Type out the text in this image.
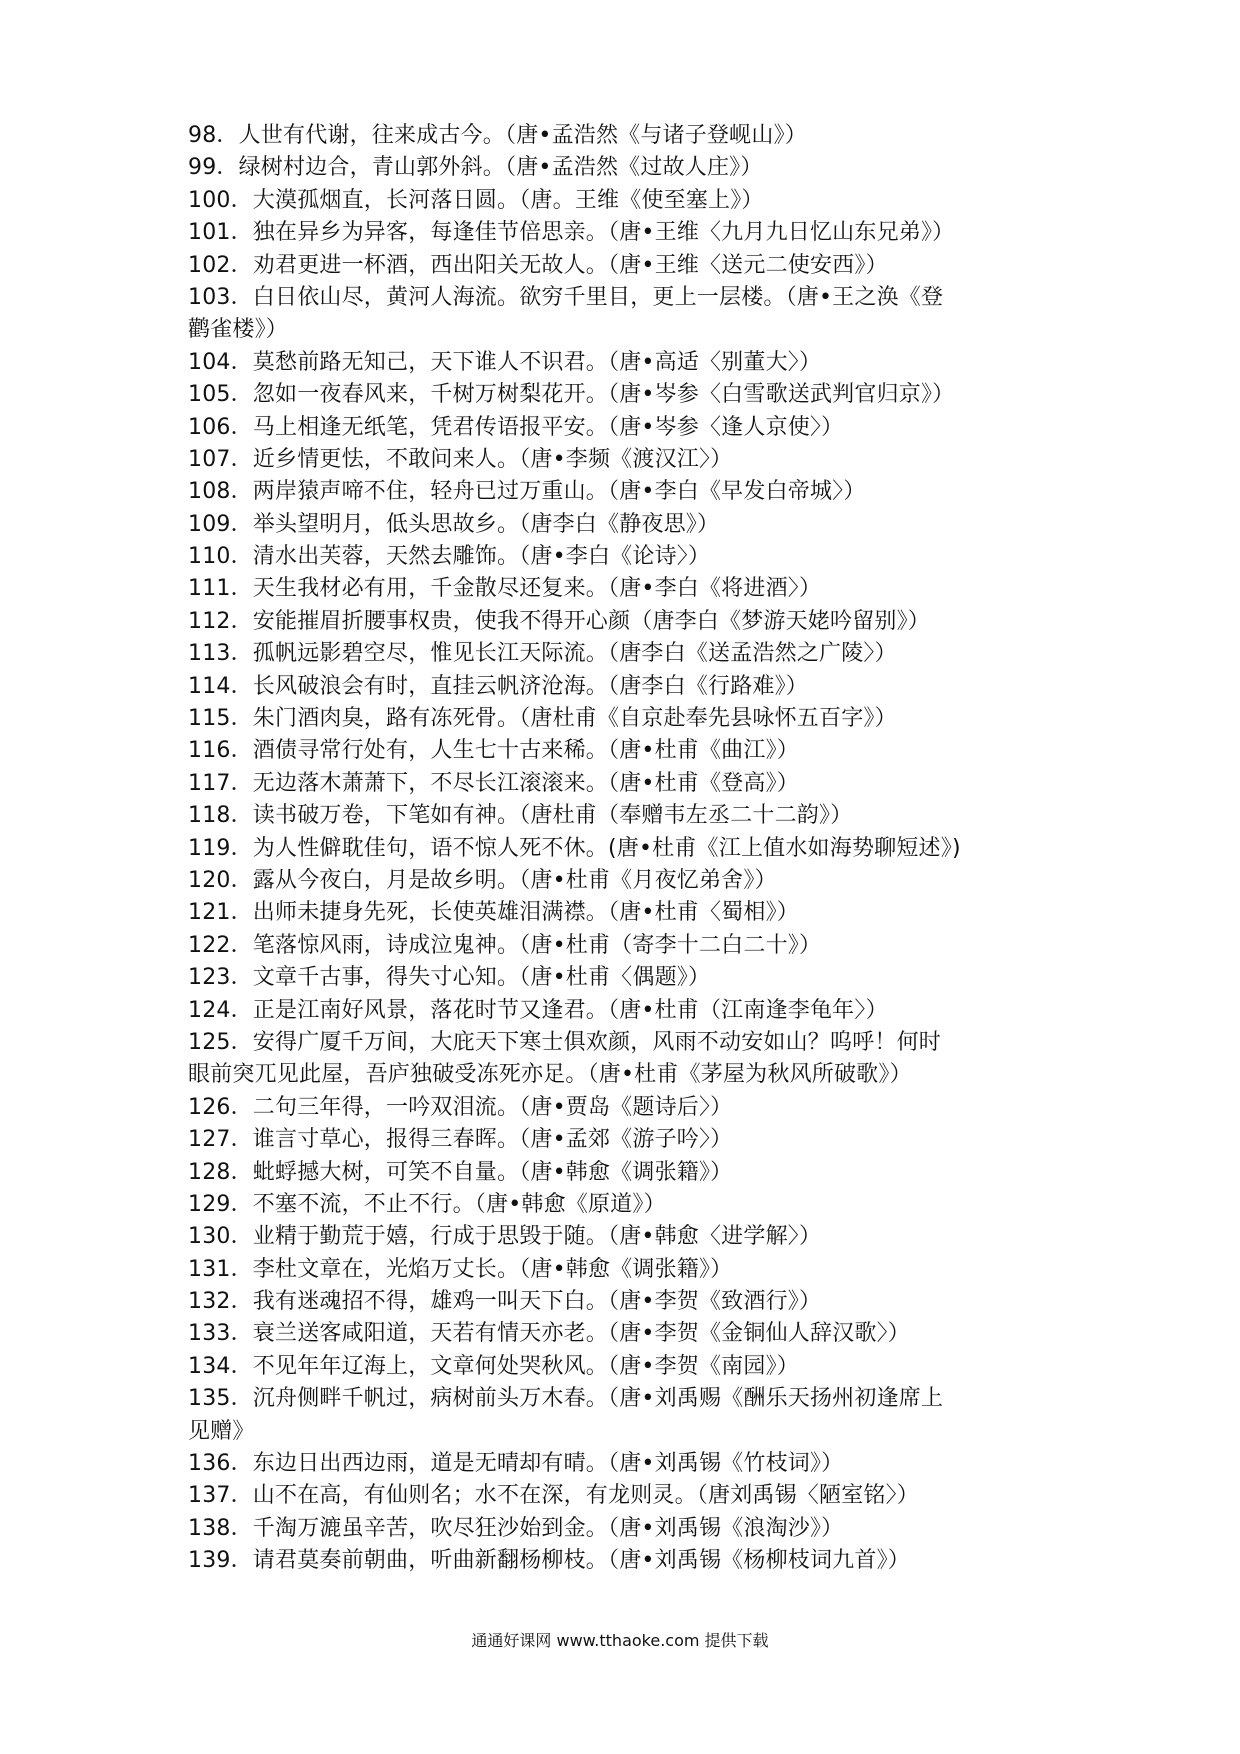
98．人世有代谢，往来成古今。（唐•孟浩然《与诸子登岘山》）
99．绿树村边合，青山郭外斜。（唐•孟浩然《过故人庄》）
100．大漠孤烟直，长河落日圆。（唐。王维《使至塞上》）
101．独在异乡为异客，每逢佳节倍思亲。（唐•王维〈九月九日忆山东兄弟》）
102．劝君更进一杯酒，西出阳关无故人。（唐•王维〈送元二使安西》）
103．白日依山尽，黄河人海流。欲穷千里目，更上一层楼。（唐•王之涣《登
鹳雀楼》）
104．莫愁前路无知己，天下谁人不识君。（唐•高适〈别董大〉）
105．忽如一夜春风来，千树万树梨花开。（唐•岑参〈白雪歌送武判官归京》）
106．马上相逢无纸笔，凭君传语报平安。（唐•岑参〈逢人京使〉）
107．近乡情更怯，不敢问来人。（唐•李频《渡汉江〉）
108．两岸猿声啼不住，轻舟已过万重山。（唐•李白《早发白帝城〉）
109．举头望明月，低头思故乡。（唐李白《静夜思》）
110．清水出芙蓉，天然去雕饰。（唐•李白《论诗〉）
111．天生我材必有用，千金散尽还复来。（唐•李白《将进酒〉）
112．安能摧眉折腰事权贵，使我不得开心颜（唐李白《梦游天姥吟留别》）
113．孤帆远影碧空尽，惟见长江天际流。（唐李白《送孟浩然之广陵〉）
114．长风破浪会有时，直挂云帆济沧海。（唐李白《行路难》）
115．朱门酒肉臭，路有冻死骨。（唐杜甫《自京赴奉先县咏怀五百字》）
116．酒债寻常行处有，人生七十古来稀。（唐•杜甫《曲江》）
117．无边落木萧萧下，不尽长江滚滚来。（唐•杜甫《登高》）
118．读书破万卷，下笔如有神。（唐杜甫（奉赠韦左丞二十二韵》）
119．为人性僻耽佳句，语不惊人死不休。(唐•杜甫《江上值水如海势聊短述》)
120．露从今夜白，月是故乡明。（唐•杜甫《月夜忆弟舍》）
121．出师未捷身先死，长使英雄泪满襟。（唐•杜甫〈蜀相》）
122．笔落惊风雨，诗成泣鬼神。（唐•杜甫（寄李十二白二十》）
123．文章千古事，得失寸心知。（唐•杜甫〈偶题》）
124．正是江南好风景，落花时节又逢君。（唐•杜甫（江南逢李龟年〉）
125．安得广厦千万间，大庇天下寒士俱欢颜，风雨不动安如山？呜呼！何时
眼前突兀见此屋，吾庐独破受冻死亦足。（唐•杜甫《茅屋为秋风所破歌》）
126．二句三年得，一吟双泪流。（唐•贾岛《题诗后〉）
127．谁言寸草心，报得三春晖。（唐•孟郊《游子吟〉）
128．蚍蜉撼大树，可笑不自量。（唐•韩愈《调张籍》）
129．不塞不流，不止不行。（唐•韩愈《原道》）
130．业精于勤荒于嬉，行成于思毁于随。（唐•韩愈〈进学解〉）
131．李杜文章在，光焰万丈长。（唐•韩愈《调张籍》）
132．我有迷魂招不得，雄鸡一叫天下白。（唐•李贺《致酒行》）
133．衰兰送客咸阳道，天若有情天亦老。（唐•李贺《金铜仙人辞汉歌〉）
134．不见年年辽海上，文章何处哭秋风。（唐•李贺《南园》）
135．沉舟侧畔千帆过，病树前头万木春。（唐•刘禹赐《酬乐天扬州初逢席上
见赠》
136．东边日出西边雨，道是无晴却有晴。（唐•刘禹锡《竹枝词》）
137．山不在高，有仙则名；水不在深，有龙则灵。（唐刘禹锡〈陋室铭〉）
138．千淘万漉虽辛苦，吹尽狂沙始到金。（唐•刘禹锡《浪淘沙》）
139．请君莫奏前朝曲，听曲新翻杨柳枝。（唐•刘禹锡《杨柳枝词九首》）
通通好课网 www.tthaoke.com 提供下载
